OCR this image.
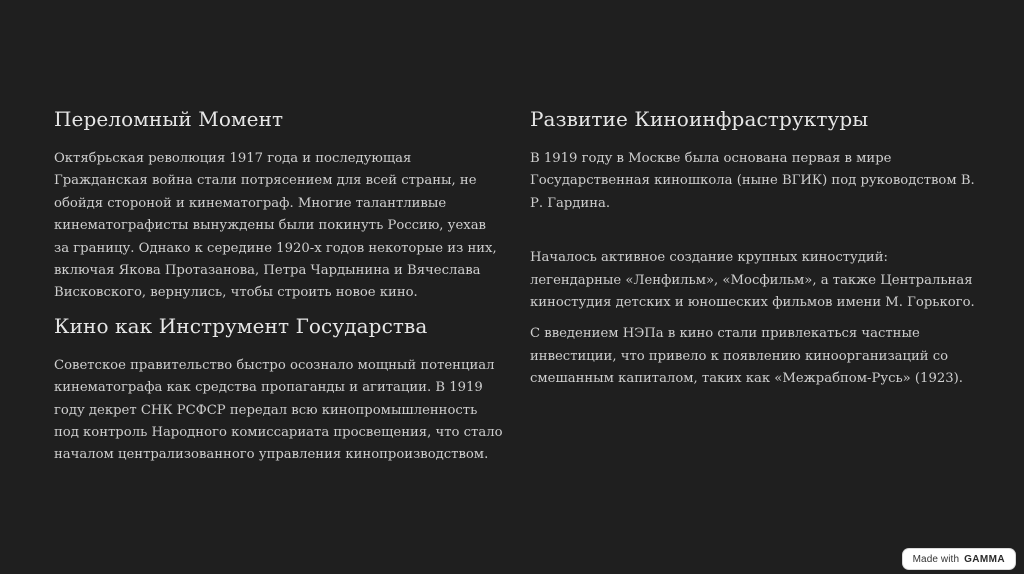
Переломный Момент

Октябрьская революция 1917 года и последующая Гражданская война стали потрясением для всей страны, не обойдя стороной и кинематограф. Многие талантливые кинематографисты вынуждены были покинуть Россию, уехав за границу. Однако к середине 1920-х годов некоторые из них, включая Якова Протазанова, Петра Чардынина и Вячеслава Висковского, вернулись, чтобы строить новое кино.

Кино как Инструмент Государства

Советское правительство быстро осознало мощный потенциал кинематографа как средства пропаганды и агитации. В 1919 году декрет СНК РСФСР передал всю кинопромышленность под контроль Народного комиссариата просвещения, что стало началом централизованного управления кинопроизводством.

Развитие Киноинфраструктуры

В 1919 году в Москве была основана первая в мире Государственная киношкола (ныне ВГИК) под руководством В. Р. Гардина.

Началось активное создание крупных киностудий: легендарные «Ленфильм», «Мосфильм», а также Центральная киностудия детских и юношеских фильмов имени М. Горького.

С введением НЭПа в кино стали привлекаться частные инвестиции, что привело к появлению кинoорганизаций со смешанным капиталом, таких как «Межрабпом-Русь» (1923).

Made with GAMMA
